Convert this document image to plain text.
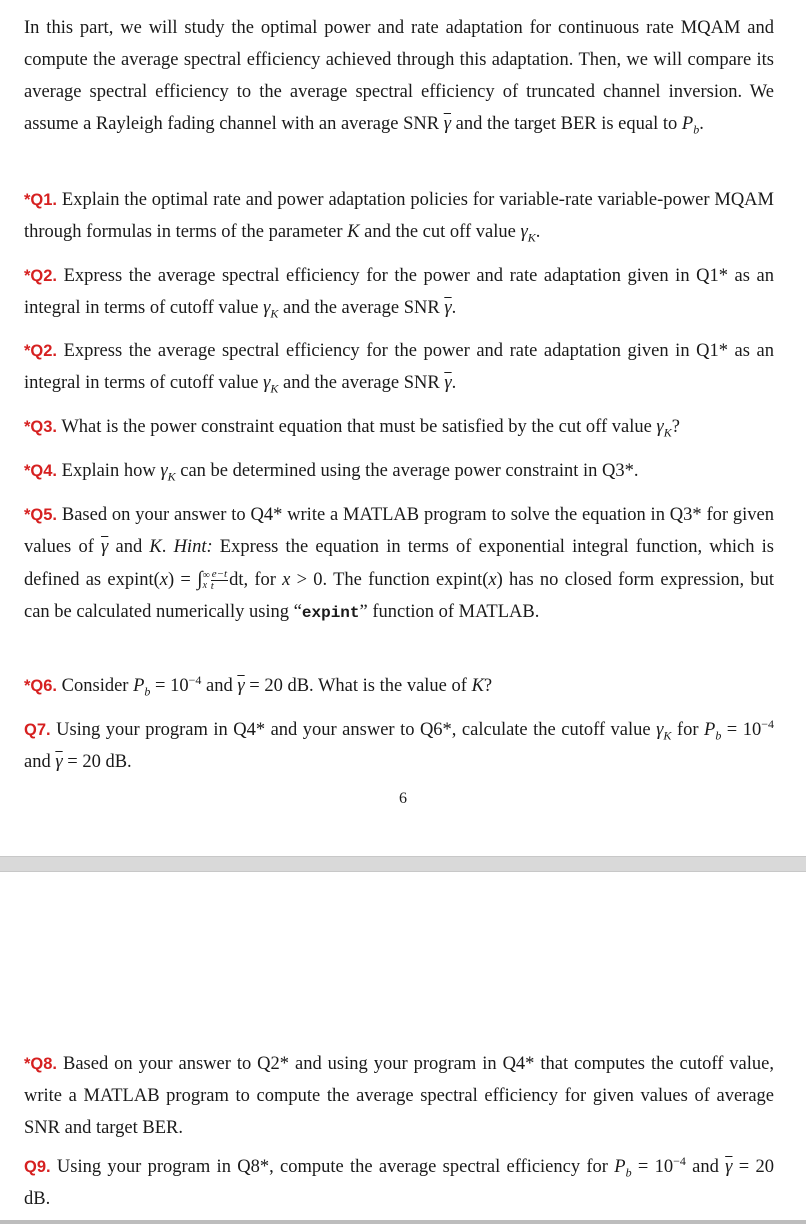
In this part, we will study the optimal power and rate adaptation for continuous rate MQAM and compute the average spectral efficiency achieved through this adaptation. Then, we will compare its average spectral efficiency to the average spectral efficiency of truncated channel inversion. We assume a Rayleigh fading channel with an average SNR $\overline{\gamma}$ and the target BER is equal to $P_b$.

*Q1. Explain the optimal rate and power adaptation policies for variable-rate variable-power MQAM through formulas in terms of the parameter K and the cut off value $\gamma_K$.

*Q2. Express the average spectral efficiency for the power and rate adaptation given in Q1* as an integral in terms of cutoff value $\gamma_K$ and the average SNR $\overline{\gamma}$.

*Q2. Express the average spectral efficiency for the power and rate adaptation given in Q1* as an integral in terms of cutoff value $\gamma_K$ and the average SNR $\overline{\gamma}$.

*Q3. What is the power constraint equation that must be satisfied by the cut off value $\gamma_K$?

*Q4. Explain how $\gamma_K$ can be determined using the average power constraint in Q3*.

*Q5. Based on your answer to Q4* write a MATLAB program to solve the equation in Q3* for given values of $\overline{\gamma}$ and K. Hint: Express the equation in terms of exponential integral function, which is defined as expint(x) = ∫ ∞
x $\frac{e-t}{t}$ dt, for x > 0. The function expint(x) has no closed form expression, but can be calculated numerically using “expint” function of MATLAB.

*Q6. Consider $P_b = 10^{-4}$ and $\overline{\gamma} = 20$ dB. What is the value of K?

Q7. Using your program in Q4* and your answer to Q6*, calculate the cutoff value $\gamma_K$ for $P_b = 10^{-4}$ and $\overline{\gamma} = 20$ dB.

6

*Q8. Based on your answer to Q2* and using your program in Q4* that computes the cutoff value, write a MATLAB program to compute the average spectral efficiency for given values of average SNR and target BER.

Q9. Using your program in Q8*, compute the average spectral efficiency for $P_b = 10^{-4}$ and $\overline{\gamma} = 20$ dB.
